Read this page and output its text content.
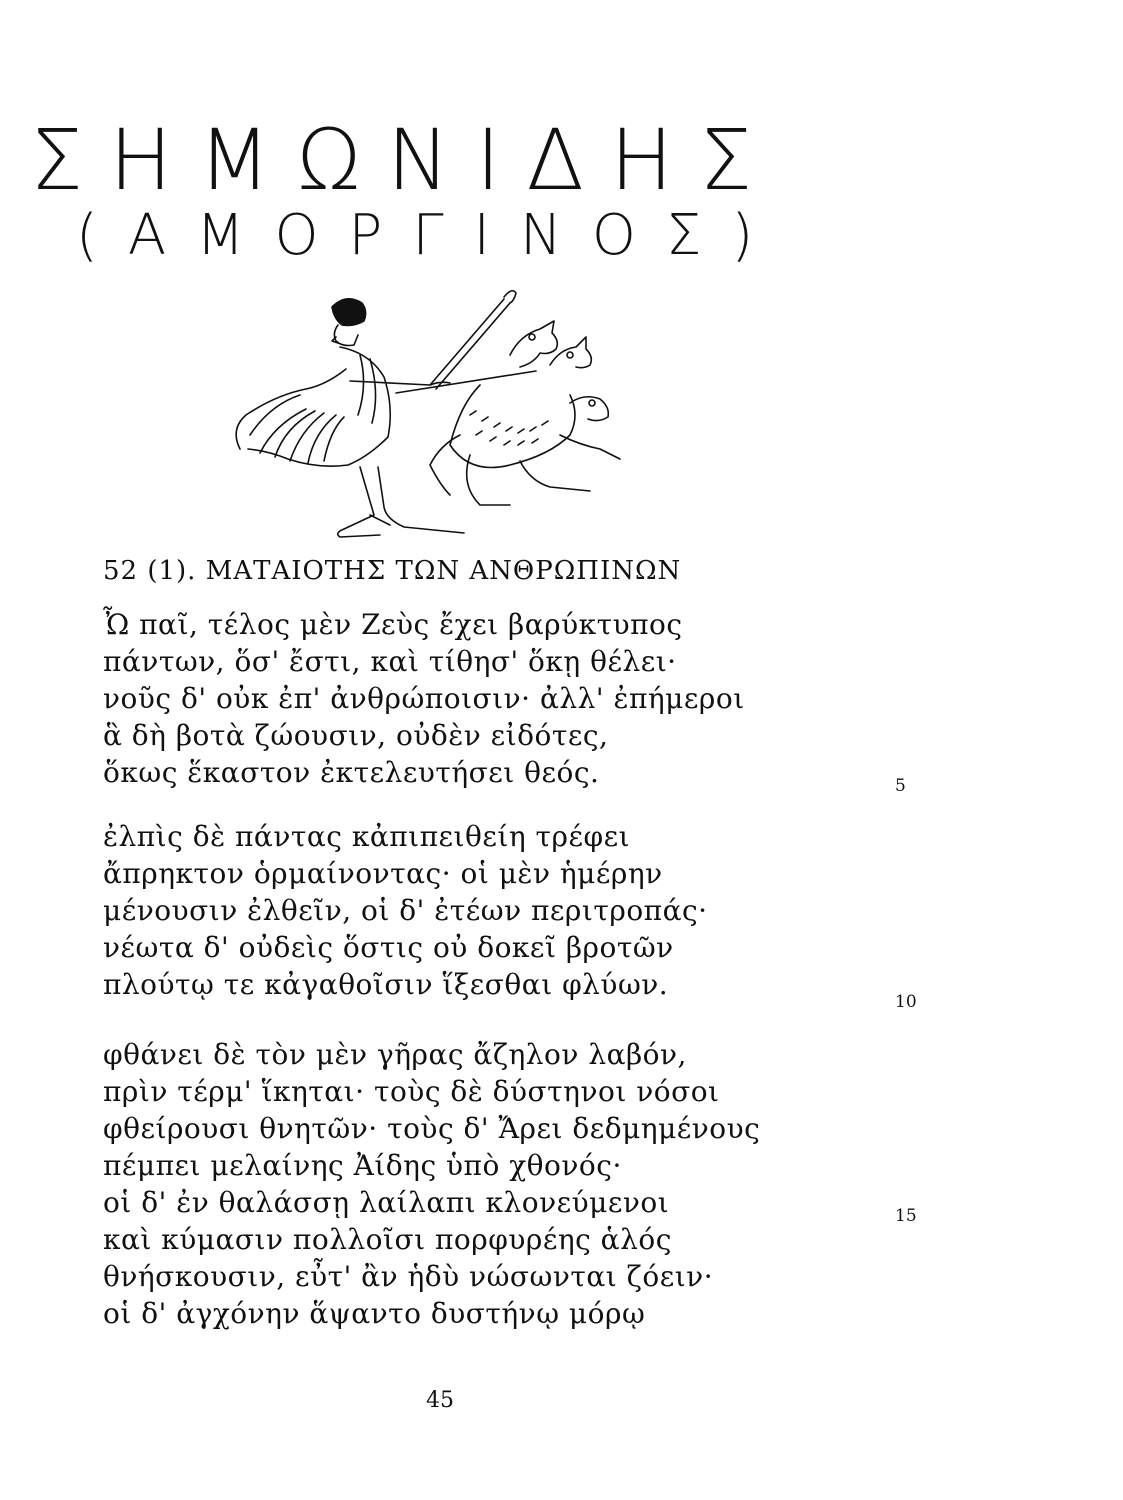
ΣΗΜΩΝΙΔΗΣ
(ΑΜΟΡΓΙΝΟΣ)
52 (1). ΜΑΤΑΙΟΤΗΣ ΤΩΝ ΑΝΘΡΩΠΙΝΩΝ
Ὦ παῖ, τέλος μὲν Ζεὺς ἔχει βαρύκτυπος
πάντων, ὅσ' ἔστι, καὶ τίθησ' ὅκῃ θέλει·
νοῦς δ' οὐκ ἐπ' ἀνθρώποισιν· ἀλλ' ἐπήμεροι
ἃ δὴ βοτὰ ζώουσιν, οὐδὲν εἰδότες,
ὅκως ἕκαστον ἐκτελευτήσει θεός.
ἐλπὶς δὲ πάντας κἀπιπειθείη τρέφει
ἄπρηκτον ὁρμαίνοντας· οἱ μὲν ἡμέρην
μένουσιν ἐλθεῖν, οἱ δ' ἐτέων περιτροπάς·
νέωτα δ' οὐδεὶς ὅστις οὐ δοκεῖ βροτῶν
πλούτῳ τε κἀγαθοῖσιν ἵξεσθαι φλύων.
φθάνει δὲ τὸν μὲν γῆρας ἄζηλον λαβόν,
πρὶν τέρμ' ἵκηται· τοὺς δὲ δύστηνοι νόσοι
φθείρουσι θνητῶν· τοὺς δ' Ἄρει δεδμημένους
πέμπει μελαίνης Ἀίδης ὑπὸ χθονός·
οἱ δ' ἐν θαλάσσῃ λαίλαπι κλονεύμενοι
καὶ κύμασιν πολλοῖσι πορφυρέης ἁλός
θνήσκουσιν, εὖτ' ἂν ἡδὺ νώσωνται ζόειν·
οἱ δ' ἀγχόνην ἅψαντο δυστήνῳ μόρῳ
5
10
15
45
